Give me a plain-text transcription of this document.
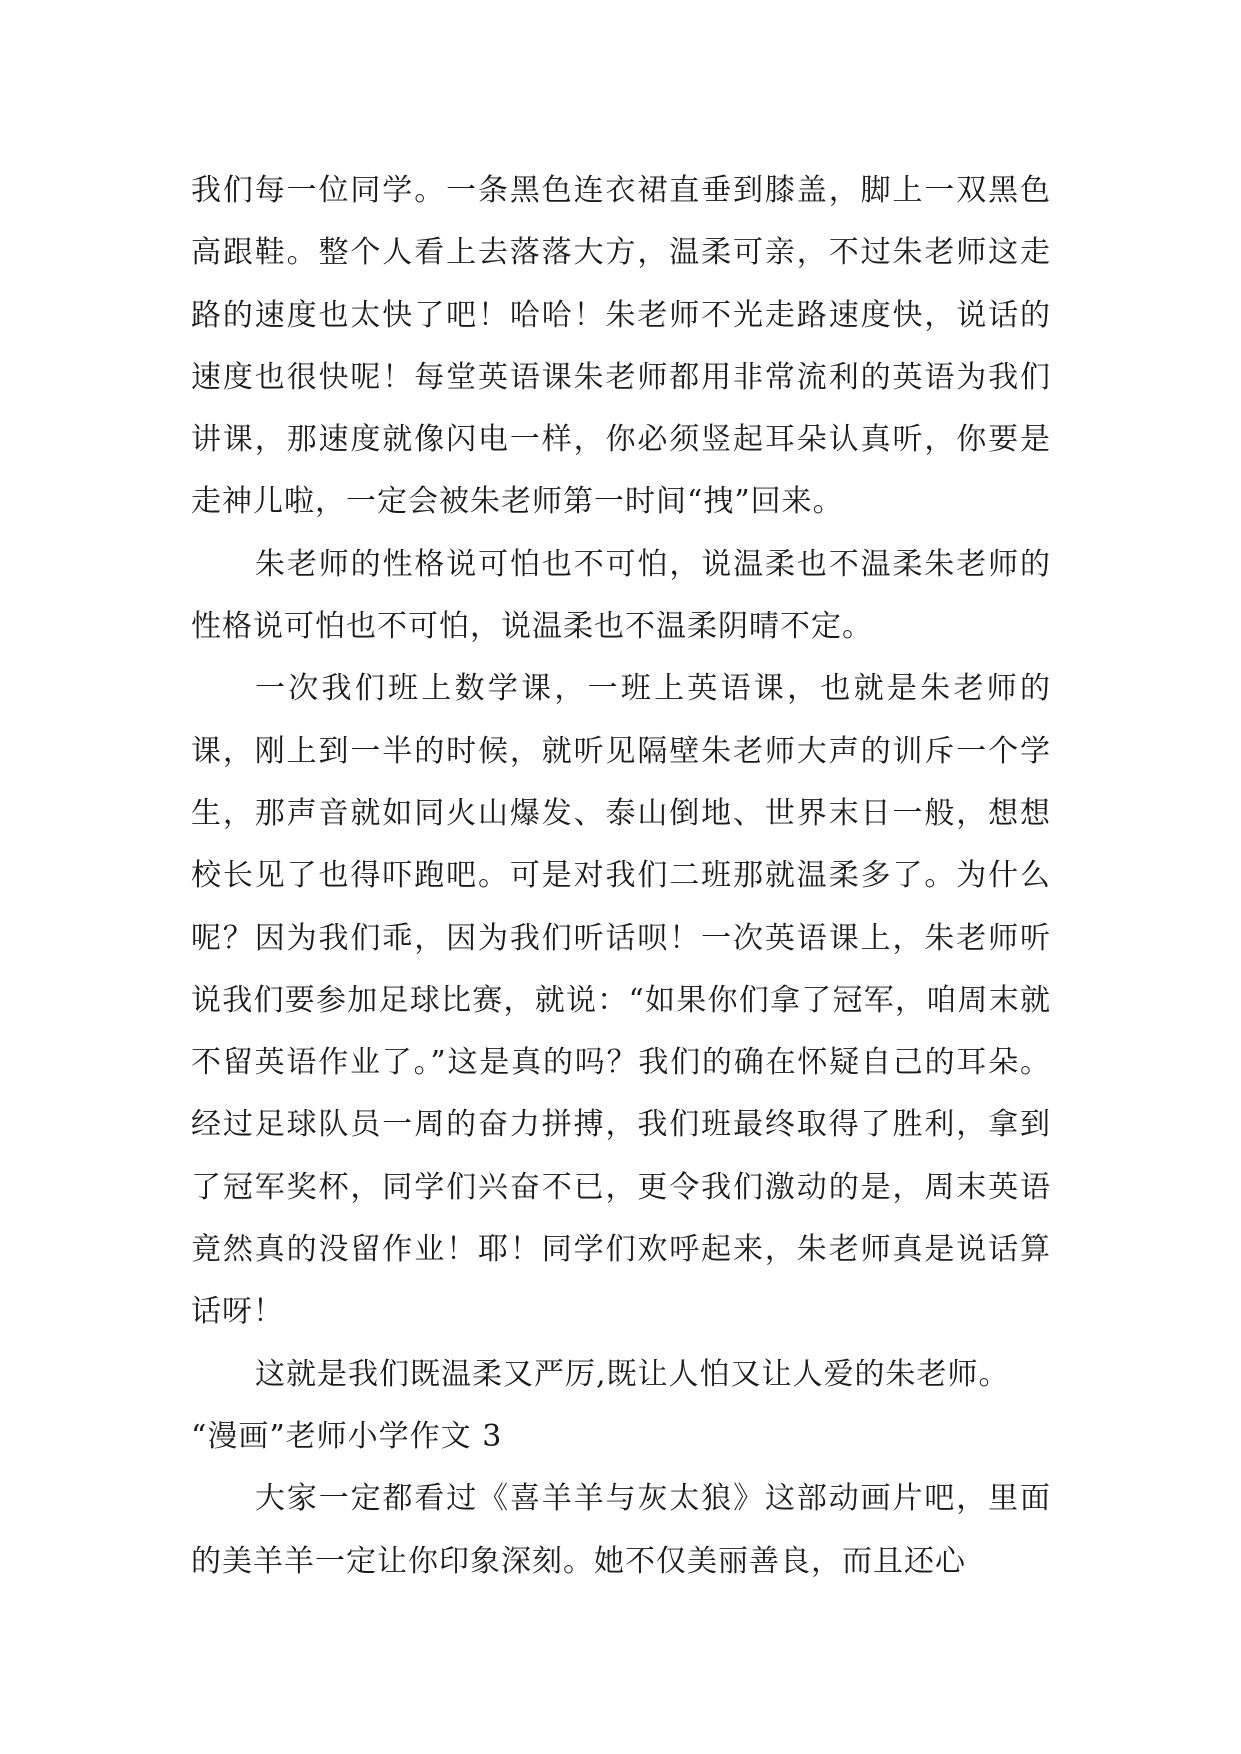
我们每一位同学。一条黑色连衣裙直垂到膝盖，脚上一双黑色高跟鞋。整个人看上去落落大方，温柔可亲，不过朱老师这走路的速度也太快了吧！哈哈！朱老师不光走路速度快，说话的速度也很快呢！每堂英语课朱老师都用非常流利的英语为我们讲课，那速度就像闪电一样，你必须竖起耳朵认真听，你要是走神儿啦，一定会被朱老师第一时间“拽”回来。

朱老师的性格说可怕也不可怕，说温柔也不温柔朱老师的性格说可怕也不可怕，说温柔也不温柔阴晴不定。

一次我们班上数学课，一班上英语课，也就是朱老师的课，刚上到一半的时候，就听见隔壁朱老师大声的训斥一个学生，那声音就如同火山爆发、泰山倒地、世界末日一般，想想校长见了也得吓跑吧。可是对我们二班那就温柔多了。为什么呢？因为我们乖，因为我们听话呗！一次英语课上，朱老师听说我们要参加足球比赛，就说：“如果你们拿了冠军，咱周末就不留英语作业了。”这是真的吗？我们的确在怀疑自己的耳朵。经过足球队员一周的奋力拼搏，我们班最终取得了胜利，拿到了冠军奖杯，同学们兴奋不已，更令我们激动的是，周末英语竟然真的没留作业！耶！同学们欢呼起来，朱老师真是说话算话呀！

这就是我们既温柔又严厉,既让人怕又让人爱的朱老师。

“漫画”老师小学作文 3

大家一定都看过《喜羊羊与灰太狼》这部动画片吧，里面的美羊羊一定让你印象深刻。她不仅美丽善良，而且还心
